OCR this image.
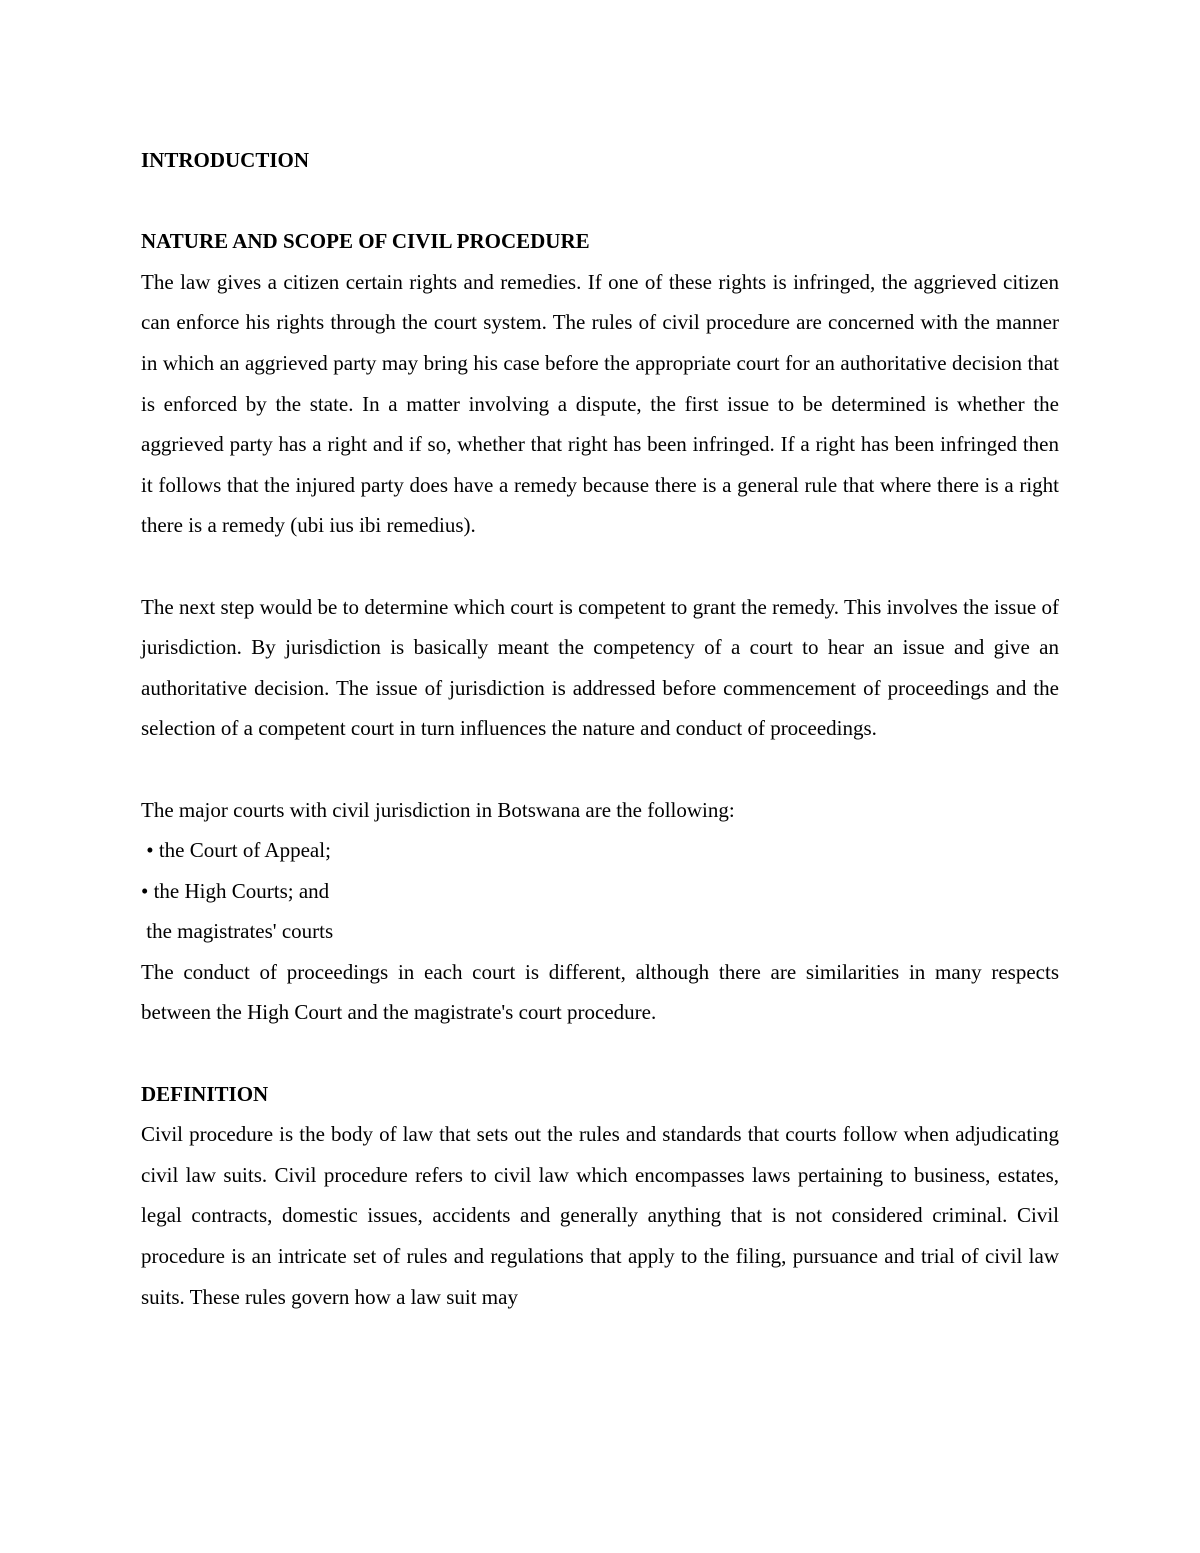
INTRODUCTION

NATURE AND SCOPE OF CIVIL PROCEDURE

The law gives a citizen certain rights and remedies. If one of these rights is infringed, the aggrieved citizen can enforce his rights through the court system. The rules of civil procedure are concerned with the manner in which an aggrieved party may bring his case before the appropriate court for an authoritative decision that is enforced by the state. In a matter involving a dispute, the first issue to be determined is whether the aggrieved party has a right and if so, whether that right has been infringed. If a right has been infringed then it follows that the injured party does have a remedy because there is a general rule that where there is a right there is a remedy (ubi ius ibi remedius).

The next step would be to determine which court is competent to grant the remedy. This involves the issue of jurisdiction. By jurisdiction is basically meant the competency of a court to hear an issue and give an authoritative decision. The issue of jurisdiction is addressed before commencement of proceedings and the selection of a competent court in turn influences the nature and conduct of proceedings.

The major courts with civil jurisdiction in Botswana are the following:

• the Court of Appeal;

• the High Courts; and

the magistrates' courts

The conduct of proceedings in each court is different, although there are similarities in many respects between the High Court and the magistrate's court procedure.

DEFINITION

Civil procedure is the body of law that sets out the rules and standards that courts follow when adjudicating civil law suits. Civil procedure refers to civil law which encompasses laws pertaining to business, estates, legal contracts, domestic issues, accidents and generally anything that is not considered criminal. Civil procedure is an intricate set of rules and regulations that apply to the filing, pursuance and trial of civil law suits. These rules govern how a law suit may
